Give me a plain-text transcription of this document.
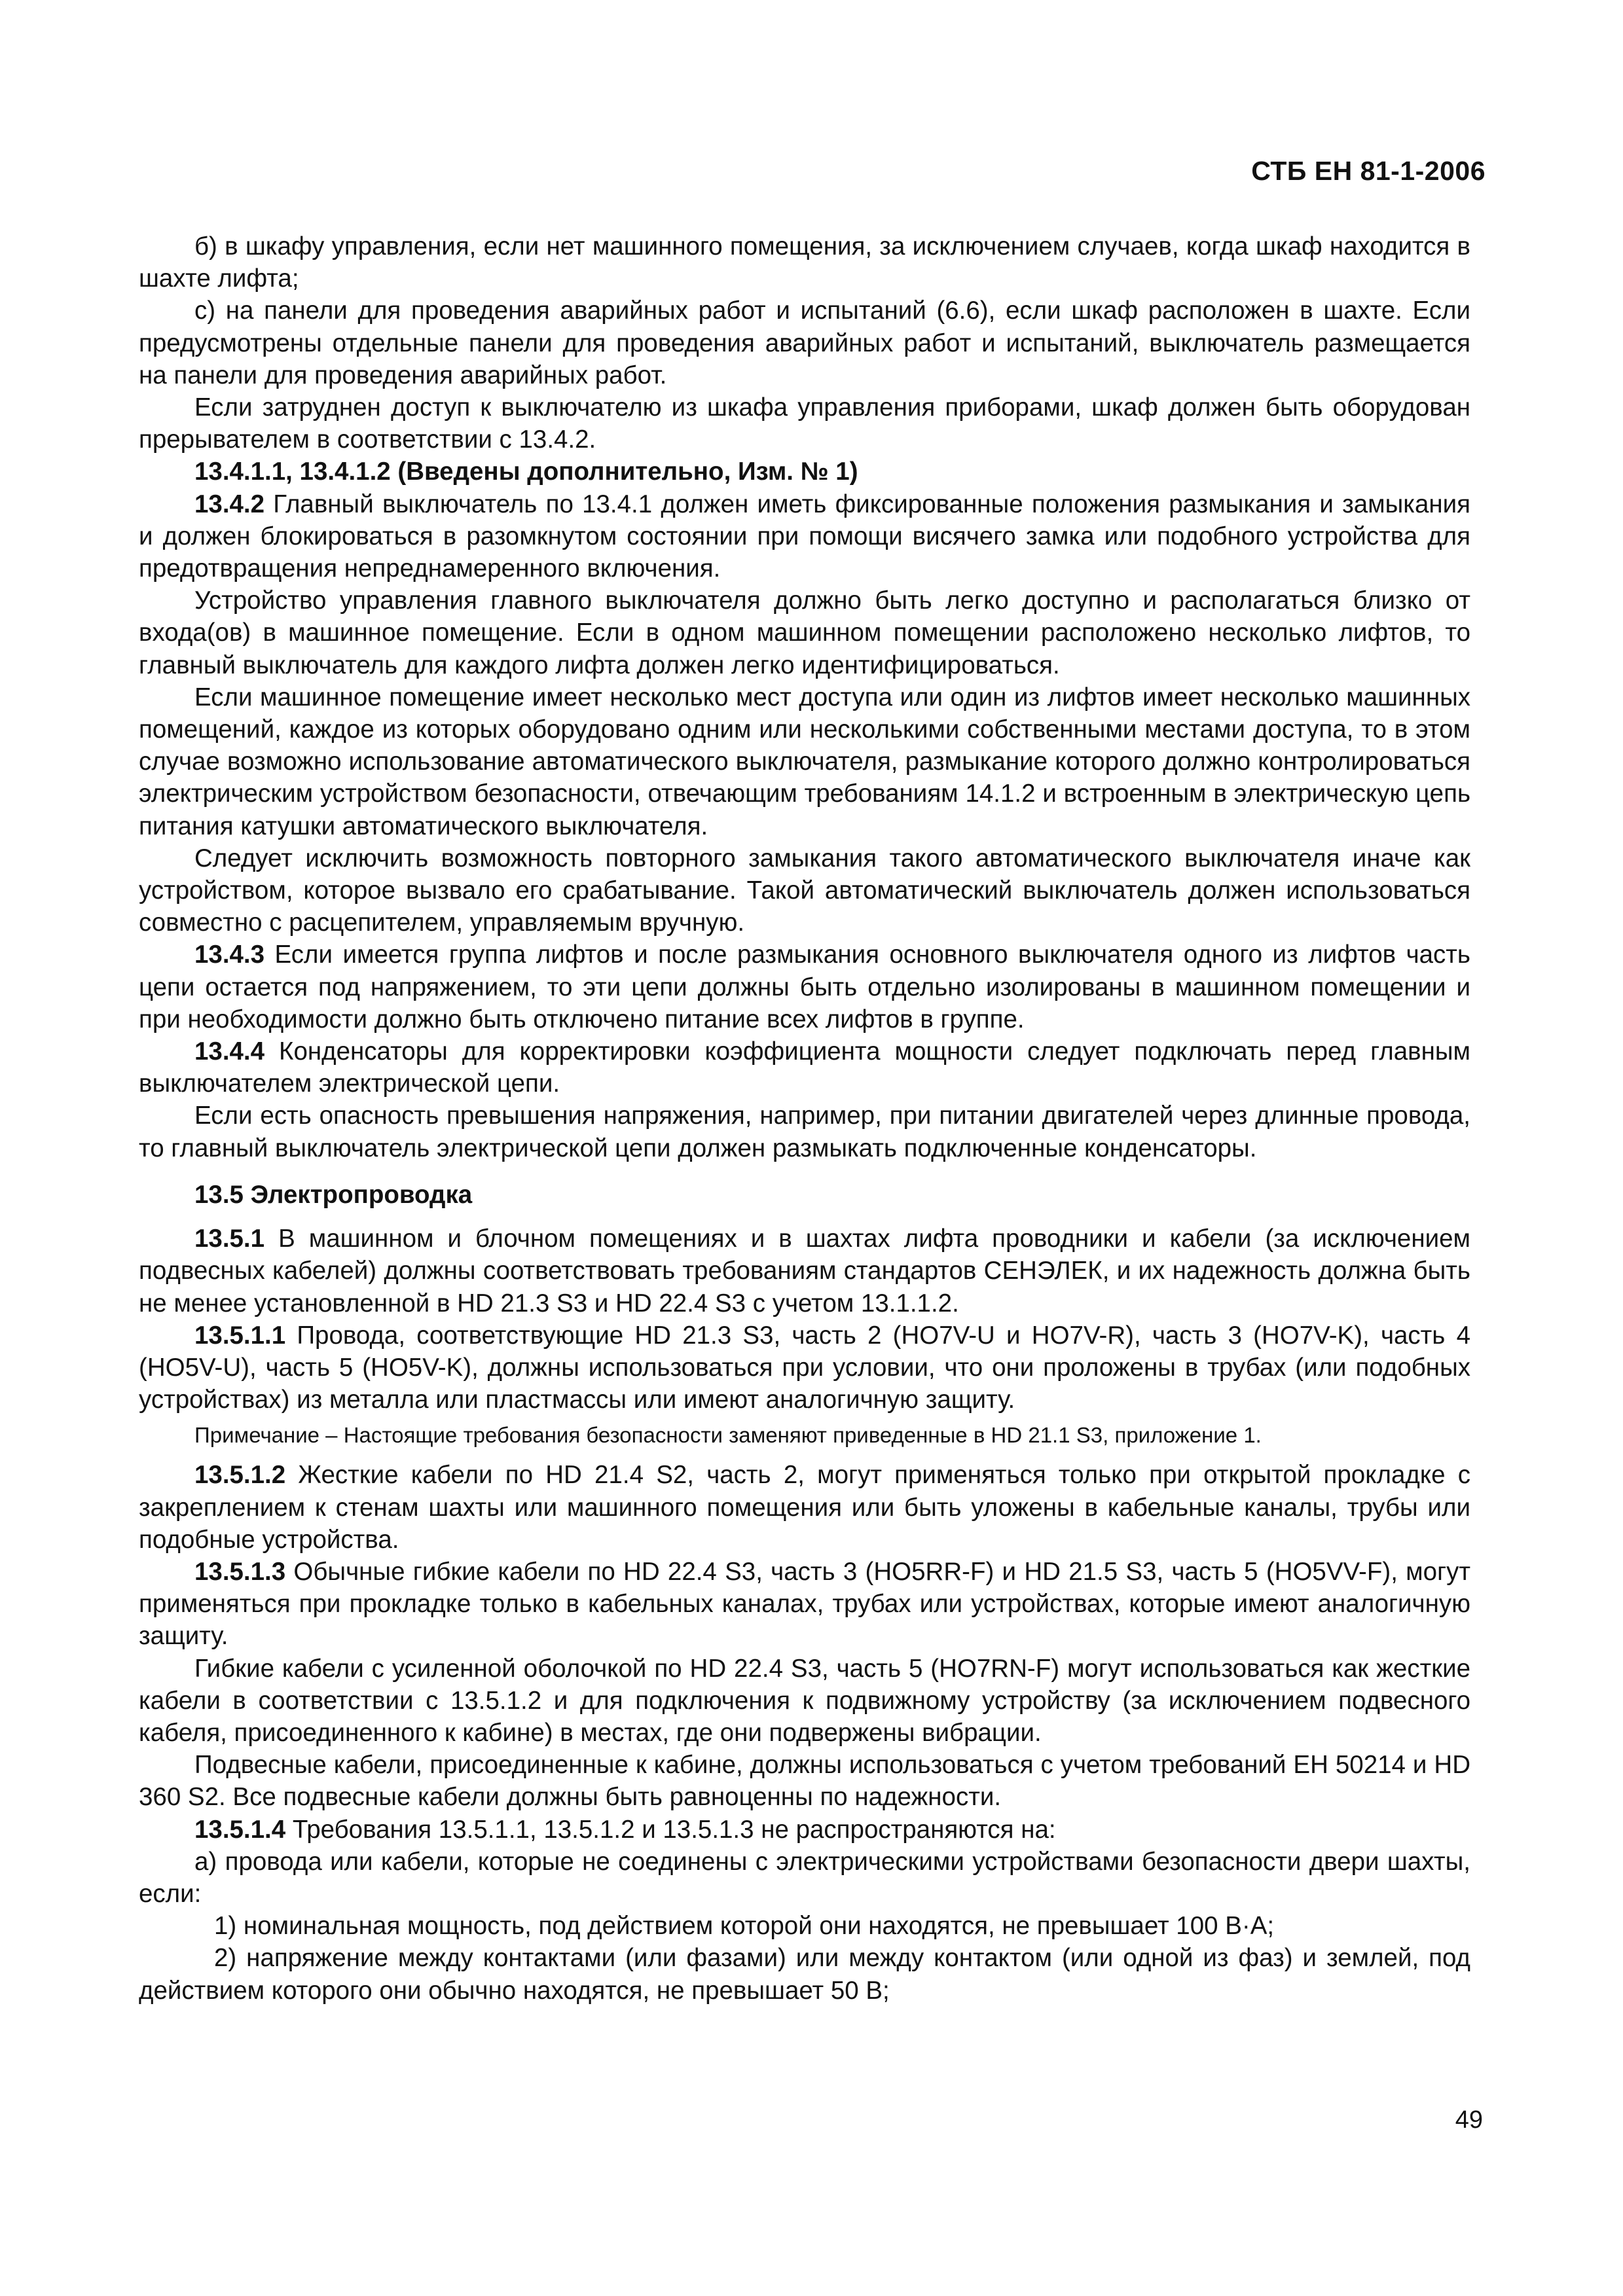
СТБ ЕН 81-1-2006

б) в шкафу управления, если нет машинного помещения, за исключением случаев, когда шкаф находится в шахте лифта;

с) на панели для проведения аварийных работ и испытаний (6.6), если шкаф расположен в шахте. Если предусмотрены отдельные панели для проведения аварийных работ и испытаний, выключатель размещается на панели для проведения аварийных работ.

Если затруднен доступ к выключателю из шкафа управления приборами, шкаф должен быть оборудован прерывателем в соответствии с 13.4.2.

13.4.1.1, 13.4.1.2 (Введены дополнительно, Изм. № 1)

13.4.2 Главный выключатель по 13.4.1 должен иметь фиксированные положения размыкания и замыкания и должен блокироваться в разомкнутом состоянии при помощи висячего замка или подобного устройства для предотвращения непреднамеренного включения.

Устройство управления главного выключателя должно быть легко доступно и располагаться близко от входа(ов) в машинное помещение. Если в одном машинном помещении расположено несколько лифтов, то главный выключатель для каждого лифта должен легко идентифицироваться.

Если машинное помещение имеет несколько мест доступа или один из лифтов имеет несколько машинных помещений, каждое из которых оборудовано одним или несколькими собственными местами доступа, то в этом случае возможно использование автоматического выключателя, размыкание которого должно контролироваться электрическим устройством безопасности, отвечающим требованиям 14.1.2 и встроенным в электрическую цепь питания катушки автоматического выключателя.

Следует исключить возможность повторного замыкания такого автоматического выключателя иначе как устройством, которое вызвало его срабатывание. Такой автоматический выключатель должен использоваться совместно с расцепителем, управляемым вручную.

13.4.3 Если имеется группа лифтов и после размыкания основного выключателя одного из лифтов часть цепи остается под напряжением, то эти цепи должны быть отдельно изолированы в машинном помещении и при необходимости должно быть отключено питание всех лифтов в группе.

13.4.4 Конденсаторы для корректировки коэффициента мощности следует подключать перед главным выключателем электрической цепи.

Если есть опасность превышения напряжения, например, при питании двигателей через длинные провода, то главный выключатель электрической цепи должен размыкать подключенные конденсаторы.

13.5 Электропроводка

13.5.1 В машинном и блочном помещениях и в шахтах лифта проводники и кабели (за исключением подвесных кабелей) должны соответствовать требованиям стандартов СЕНЭЛЕК, и их надежность должна быть не менее установленной в HD 21.3 S3 и HD 22.4 S3 с учетом 13.1.1.2.

13.5.1.1 Провода, соответствующие HD 21.3 S3, часть 2 (HO7V-U и HO7V-R), часть 3 (HO7V-K), часть 4 (HO5V-U), часть 5 (HO5V-K), должны использоваться при условии, что они проложены в трубах (или подобных устройствах) из металла или пластмассы или имеют аналогичную защиту.

Примечание – Настоящие требования безопасности заменяют приведенные в HD 21.1 S3, приложение 1.

13.5.1.2 Жесткие кабели по HD 21.4 S2, часть 2, могут применяться только при открытой прокладке с закреплением к стенам шахты или машинного помещения или быть уложены в кабельные каналы, трубы или подобные устройства.

13.5.1.3 Обычные гибкие кабели по HD 22.4 S3, часть 3 (HO5RR-F) и HD 21.5 S3, часть 5 (HO5VV-F), могут применяться при прокладке только в кабельных каналах, трубах или устройствах, которые имеют аналогичную защиту.

Гибкие кабели с усиленной оболочкой по HD 22.4 S3, часть 5 (HO7RN-F) могут использоваться как жесткие кабели в соответствии с 13.5.1.2 и для подключения к подвижному устройству (за исключением подвесного кабеля, присоединенного к кабине) в местах, где они подвержены вибрации.

Подвесные кабели, присоединенные к кабине, должны использоваться с учетом требований ЕН 50214 и HD 360 S2. Все подвесные кабели должны быть равноценны по надежности.

13.5.1.4 Требования 13.5.1.1, 13.5.1.2 и 13.5.1.3 не распространяются на:

а) провода или кабели, которые не соединены с электрическими устройствами безопасности двери шахты, если:

1) номинальная мощность, под действием которой они находятся, не превышает 100 В·А;

2) напряжение между контактами (или фазами) или между контактом (или одной из фаз) и землей, под действием которого они обычно находятся, не превышает 50 В;

49
